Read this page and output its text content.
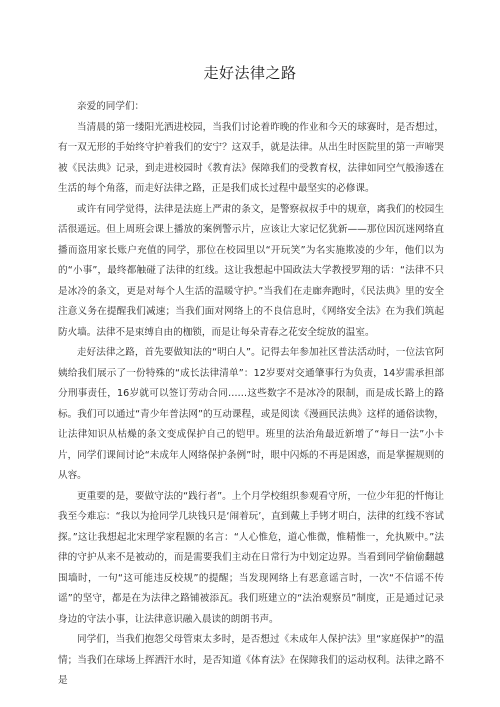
走好法律之路

亲爱的同学们：

当清晨的第一缕阳光洒进校园，当我们讨论着昨晚的作业和今天的球赛时，是否想过，有一双无形的手始终守护着我们的安宁？这双手，就是法律。从出生时医院里的第一声啼哭被《民法典》记录，到走进校园时《教育法》保障我们的受教育权，法律如同空气般渗透在生活的每个角落，而走好法律之路，正是我们成长过程中最坚实的必修课。

或许有同学觉得，法律是法庭上严肃的条文，是警察叔叔手中的规章，离我们的校园生活很遥远。但上周班会课上播放的案例警示片，应该让大家记忆犹新——那位因沉迷网络直播而盗用家长账户充值的同学，那位在校园里以“开玩笑”为名实施欺凌的少年，他们以为的“小事”，最终都触碰了法律的红线。这让我想起中国政法大学教授罗翔的话：“法律不只是冰冷的条文，更是对每个人生活的温暖守护。”当我们在走廊奔跑时，《民法典》里的安全注意义务在提醒我们减速；当我们面对网络上的不良信息时，《网络安全法》在为我们筑起防火墙。法律不是束缚自由的枷锁，而是让每朵青春之花安全绽放的温室。

走好法律之路，首先要做知法的“明白人”。记得去年参加社区普法活动时，一位法官阿姨给我们展示了一份特殊的“成长法律清单”：12岁要对交通肇事行为负责，14岁需承担部分刑事责任，16岁就可以签订劳动合同……这些数字不是冰冷的限制，而是成长路上的路标。我们可以通过“青少年普法网”的互动课程，或是阅读《漫画民法典》这样的通俗读物，让法律知识从枯燥的条文变成保护自己的铠甲。班里的法治角最近新增了“每日一法”小卡片，同学们课间讨论“未成年人网络保护条例”时，眼中闪烁的不再是困惑，而是掌握规则的从容。

更重要的是，要做守法的“践行者”。上个月学校组织参观看守所，一位少年犯的忏悔让我至今难忘：“我以为抢同学几块钱只是‘闹着玩’，直到戴上手铐才明白，法律的红线不容试探。”这让我想起北宋理学家程颢的名言：“人心惟危，道心惟微，惟精惟一，允执厥中。”法律的守护从来不是被动的，而是需要我们主动在日常行为中划定边界。当看到同学偷偷翻越围墙时，一句“这可能违反校规”的提醒；当发现网络上有恶意谣言时，一次“不信谣不传谣”的坚守，都是在为法律之路铺被添瓦。我们班建立的“法治观察员”制度，正是通过记录身边的守法小事，让法律意识融入晨读的朗朗书声。

同学们，当我们抱怨父母管束太多时，是否想过《未成年人保护法》里“家庭保护”的温情；当我们在球场上挥洒汗水时，是否知道《体育法》在保障我们的运动权利。法律之路不是
